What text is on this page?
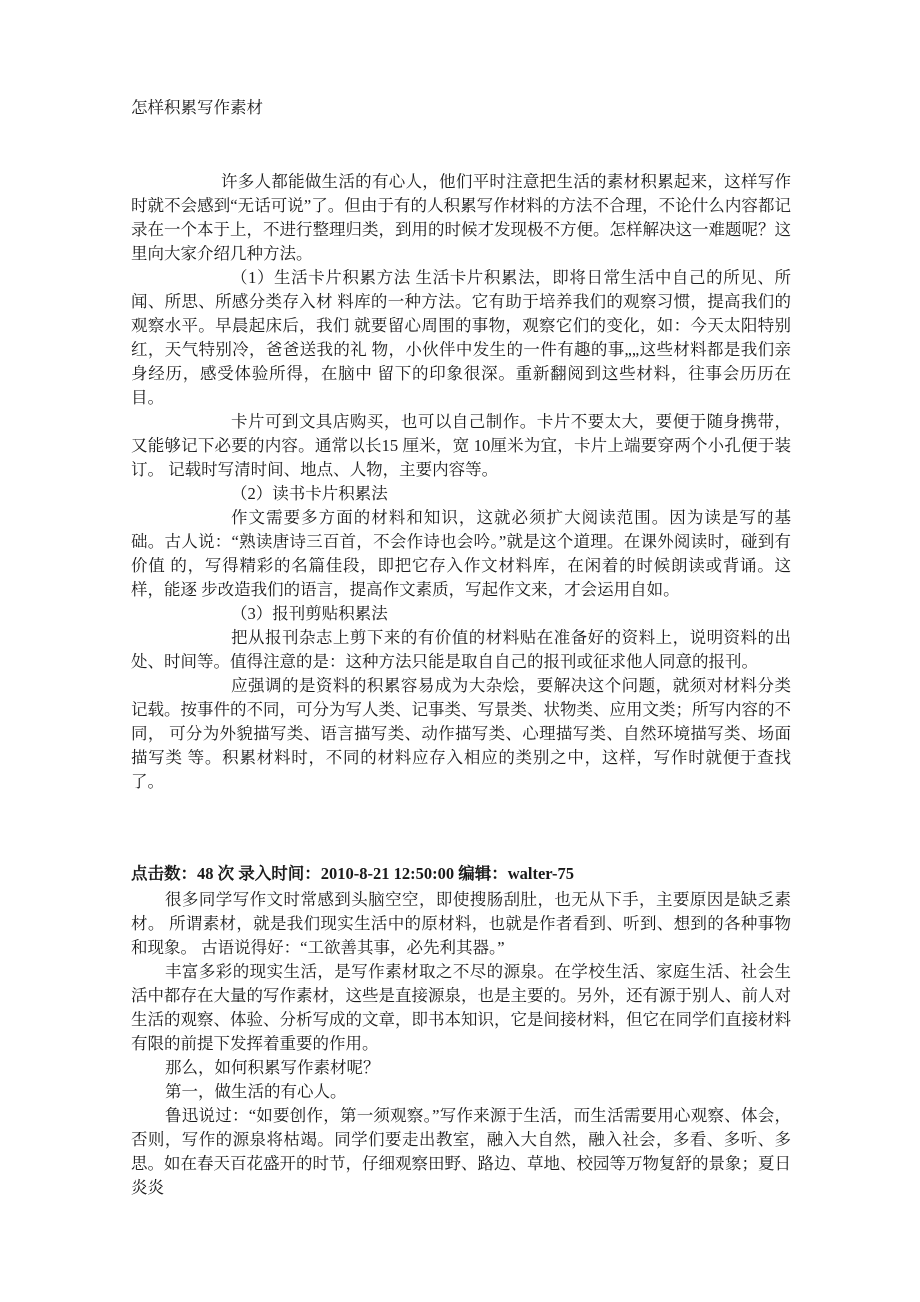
怎样积累写作素材

许多人都能做生活的有心人，他们平时注意把生活的素材积累起来，这样写作时就不会感到“无话可说”了。但由于有的人积累写作材料的方法不合理，不论什么内容都记录在一个本于上，不进行整理归类，到用的时候才发现极不方便。怎样解决这一难题呢？这里向大家介绍几种方法。

（1）生活卡片积累方法 生活卡片积累法，即将日常生活中自己的所见、所闻、所思、所感分类存入材 料库的一种方法。它有助于培养我们的观察习惯，提高我们的观察水平。早晨起床后，我们 就要留心周围的事物，观察它们的变化，如：今天太阳特别红，天气特别冷，爸爸送我的礼 物，小伙伴中发生的一件有趣的事„„这些材料都是我们亲身经历，感受体验所得，在脑中 留下的印象很深。重新翻阅到这些材料，往事会历历在目。

卡片可到文具店购买，也可以自己制作。卡片不要太大，要便于随身携带，又能够记下必要的内容。通常以长15 厘米，宽 10厘米为宜，卡片上端要穿两个小孔便于装订。 记载时写清时间、地点、人物，主要内容等。

（2）读书卡片积累法

作文需要多方面的材料和知识，这就必须扩大阅读范围。因为读是写的基础。古人说：“熟读唐诗三百首，不会作诗也会吟。”就是这个道理。在课外阅读时，碰到有价值 的，写得精彩的名篇佳段，即把它存入作文材料库，在闲着的时候朗读或背诵。这样，能逐 步改造我们的语言，提高作文素质，写起作文来，才会运用自如。

（3）报刊剪贴积累法

把从报刊杂志上剪下来的有价值的材料贴在准备好的资料上，说明资料的出处、时间等。值得注意的是：这种方法只能是取自自己的报刊或征求他人同意的报刊。

应强调的是资料的积累容易成为大杂烩，要解决这个问题，就须对材料分类记载。按事件的不同，可分为写人类、记事类、写景类、状物类、应用文类；所写内容的不同， 可分为外貌描写类、语言描写类、动作描写类、心理描写类、自然环境描写类、场面描写类 等。积累材料时，不同的材料应存入相应的类别之中，这样，写作时就便于查找了。

点击数：48 次 录入时间：2010-8-21 12:50:00 编辑：walter-75

很多同学写作文时常感到头脑空空，即使搜肠刮肚，也无从下手，主要原因是缺乏素材。 所谓素材，就是我们现实生活中的原材料，也就是作者看到、听到、想到的各种事物和现象。 古语说得好：“工欲善其事，必先利其器。”

丰富多彩的现实生活，是写作素材取之不尽的源泉。在学校生活、家庭生活、社会生活中都存在大量的写作素材，这些是直接源泉，也是主要的。另外，还有源于别人、前人对生活的观察、体验、分析写成的文章，即书本知识，它是间接材料，但它在同学们直接材料有限的前提下发挥着重要的作用。

那么，如何积累写作素材呢？

第一，做生活的有心人。

鲁迅说过：“如要创作，第一须观察。”写作来源于生活，而生活需要用心观察、体会，否则，写作的源泉将枯竭。同学们要走出教室，融入大自然，融入社会，多看、多听、多思。如在春天百花盛开的时节，仔细观察田野、路边、草地、校园等万物复舒的景象；夏日炎炎
